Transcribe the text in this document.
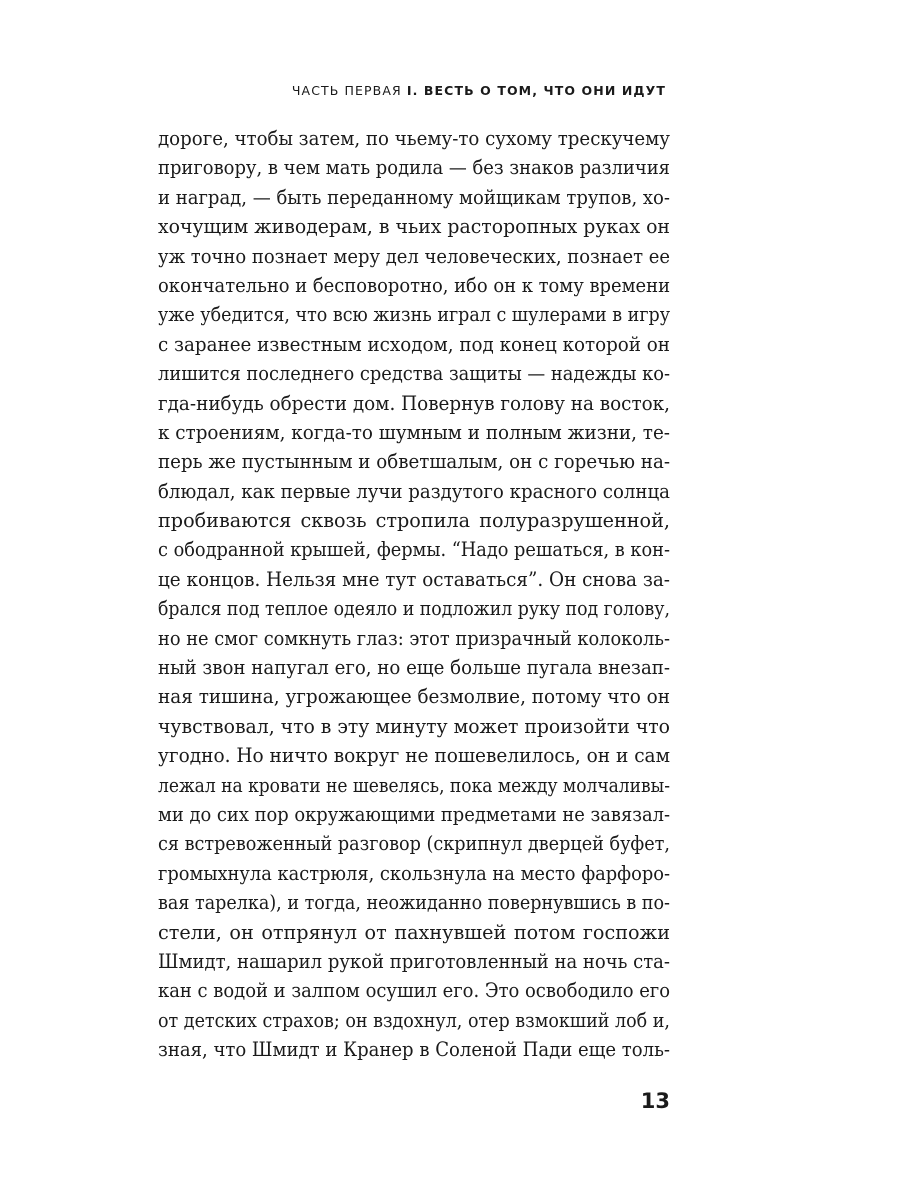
ЧАСТЬ ПЕРВАЯ I. ВЕСТЬ О ТОМ, ЧТО ОНИ ИДУТ
дороге, чтобы затем, по чьему-то сухому трескучему
приговору, в чем мать родила — без знаков различия
и наград, — быть переданному мойщикам трупов, хо-
хочущим живодерам, в чьих расторопных руках он
уж точно познает меру дел человеческих, познает ее
окончательно и бесповоротно, ибо он к тому времени
уже убедится, что всю жизнь играл с шулерами в игру
с заранее известным исходом, под конец которой он
лишится последнего средства защиты — надежды ко-
гда-нибудь обрести дом. Повернув голову на восток,
к строениям, когда-то шумным и полным жизни, те-
перь же пустынным и обветшалым, он с горечью на-
блюдал, как первые лучи раздутого красного солнца
пробиваются сквозь стропила полуразрушенной,
с ободранной крышей, фермы. “Надо решаться, в кон-
це концов. Нельзя мне тут оставаться”. Он снова за-
брался под теплое одеяло и подложил руку под голову,
но не смог сомкнуть глаз: этот призрачный колоколь-
ный звон напугал его, но еще больше пугала внезап-
ная тишина, угрожающее безмолвие, потому что он
чувствовал, что в эту минуту может произойти что
угодно. Но ничто вокруг не пошевелилось, он и сам
лежал на кровати не шевелясь, пока между молчаливы-
ми до сих пор окружающими предметами не завязал-
ся встревоженный разговор (скрипнул дверцей буфет,
громыхнула кастрюля, скользнула на место фарфоро-
вая тарелка), и тогда, неожиданно повернувшись в по-
стели, он отпрянул от пахнувшей потом госпожи
Шмидт, нашарил рукой приготовленный на ночь ста-
кан с водой и залпом осушил его. Это освободило его
от детских страхов; он вздохнул, отер взмокший лоб и,
зная, что Шмидт и Кранер в Соленой Пади еще толь-
13
